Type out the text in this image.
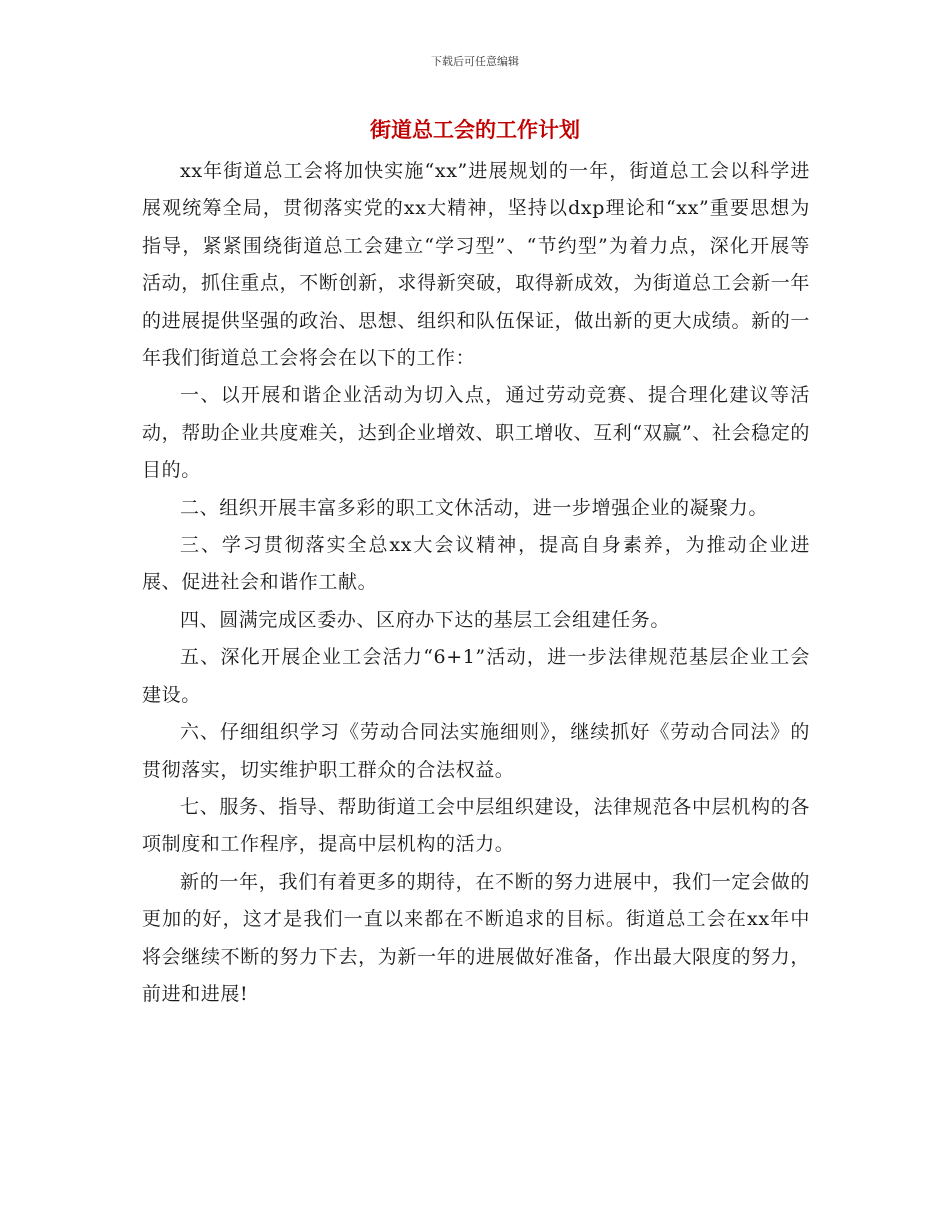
下载后可任意编辑
街道总工会的工作计划

xx年街道总工会将加快实施“xx”进展规划的一年，街道总工会以科学进展观统筹全局，贯彻落实党的xx大精神，坚持以dxp理论和“xx”重要思想为指导，紧紧围绕街道总工会建立“学习型”、“节约型”为着力点，深化开展等活动，抓住重点，不断创新，求得新突破，取得新成效，为街道总工会新一年的进展提供坚强的政治、思想、组织和队伍保证，做出新的更大成绩。新的一年我们街道总工会将会在以下的工作：

一、以开展和谐企业活动为切入点，通过劳动竞赛、提合理化建议等活动，帮助企业共度难关，达到企业增效、职工增收、互利“双赢”、社会稳定的目的。

二、组织开展丰富多彩的职工文休活动，进一步增强企业的凝聚力。

三、学习贯彻落实全总xx大会议精神，提高自身素养，为推动企业进展、促进社会和谐作工献。

四、圆满完成区委办、区府办下达的基层工会组建任务。

五、深化开展企业工会活力“6+1”活动，进一步法律规范基层企业工会建设。

六、仔细组织学习《劳动合同法实施细则》，继续抓好《劳动合同法》的贯彻落实，切实维护职工群众的合法权益。

七、服务、指导、帮助街道工会中层组织建设，法律规范各中层机构的各项制度和工作程序，提高中层机构的活力。

新的一年，我们有着更多的期待，在不断的努力进展中，我们一定会做的更加的好，这才是我们一直以来都在不断追求的目标。街道总工会在xx年中将会继续不断的努力下去，为新一年的进展做好准备，作出最大限度的努力，前进和进展!
